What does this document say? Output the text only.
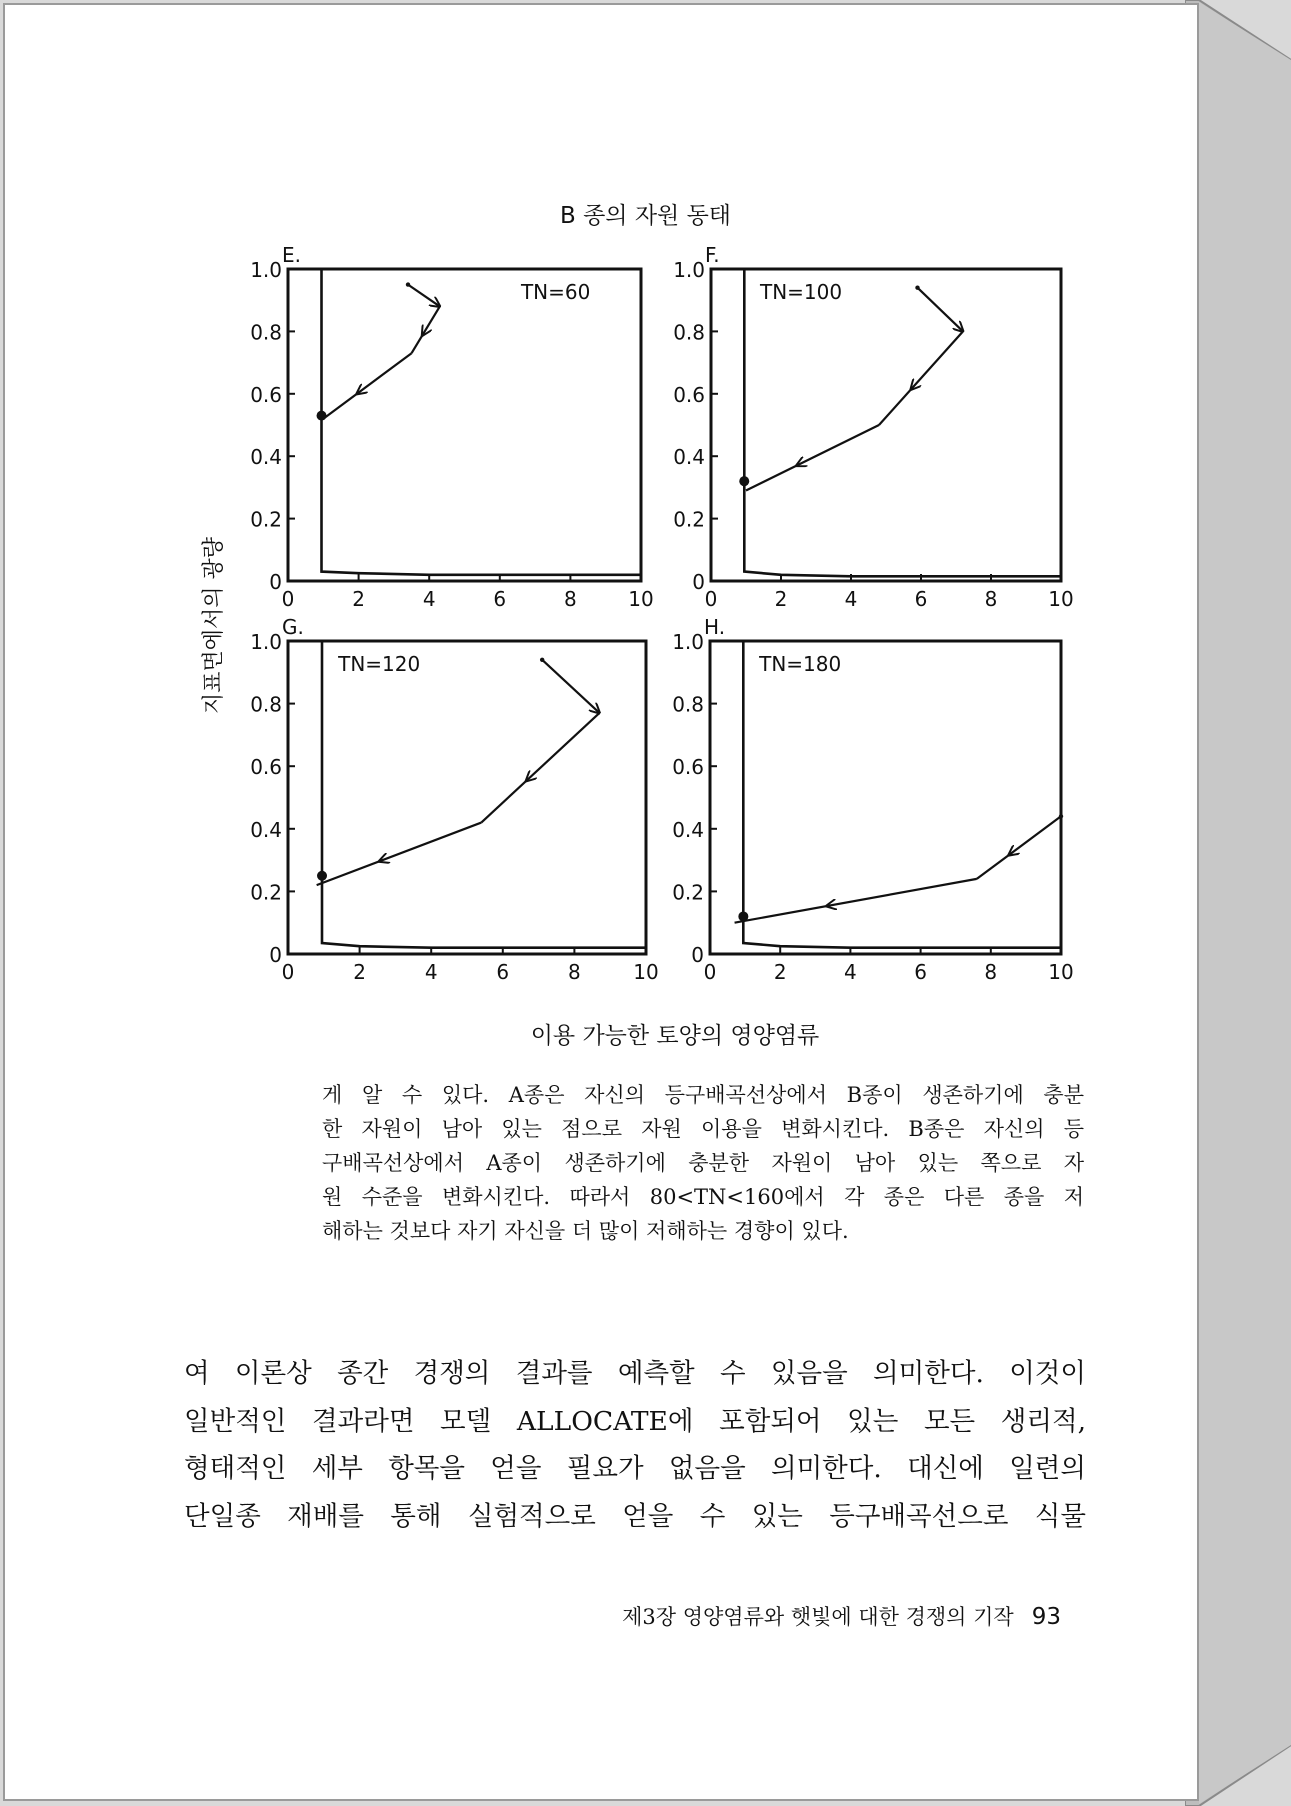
B 종의 자원 동태
E.
TN=60
0	2	4	6	8	10
0
0.2
0.4
0.6
0.8
1.0
F.
TN=100
0	2	4	6	8	10
0
0.2
0.4
0.6
0.8
1.0
G.
TN=120
0	2	4	6	8	10
0
0.2
0.4
0.6
0.8
1.0
H.
TN=180
0	2	4	6	8	10
0
0.2
0.4
0.6
0.8
1.0
이용 가능한 토양의 영양염류
지표면에서의 광량
게 알 수 있다. A종은 자신의 등구배곡선상에서 B종이 생존하기에 충분
한 자원이 남아 있는 점으로 자원 이용을 변화시킨다. B종은 자신의 등
구배곡선상에서 A종이 생존하기에 충분한 자원이 남아 있는 쪽으로 자
원 수준을 변화시킨다. 따라서 80<TN<160에서 각 종은 다른 종을 저
해하는 것보다 자기 자신을 더 많이 저해하는 경향이 있다.
여 이론상 종간 경쟁의 결과를 예측할 수 있음을 의미한다. 이것이
일반적인 결과라면 모델 ALLOCATE에 포함되어 있는 모든 생리적,
형태적인 세부 항목을 얻을 필요가 없음을 의미한다. 대신에 일련의
단일종 재배를 통해 실험적으로 얻을 수 있는 등구배곡선으로 식물
제3장 영양염류와 햇빛에 대한 경쟁의 기작 93
